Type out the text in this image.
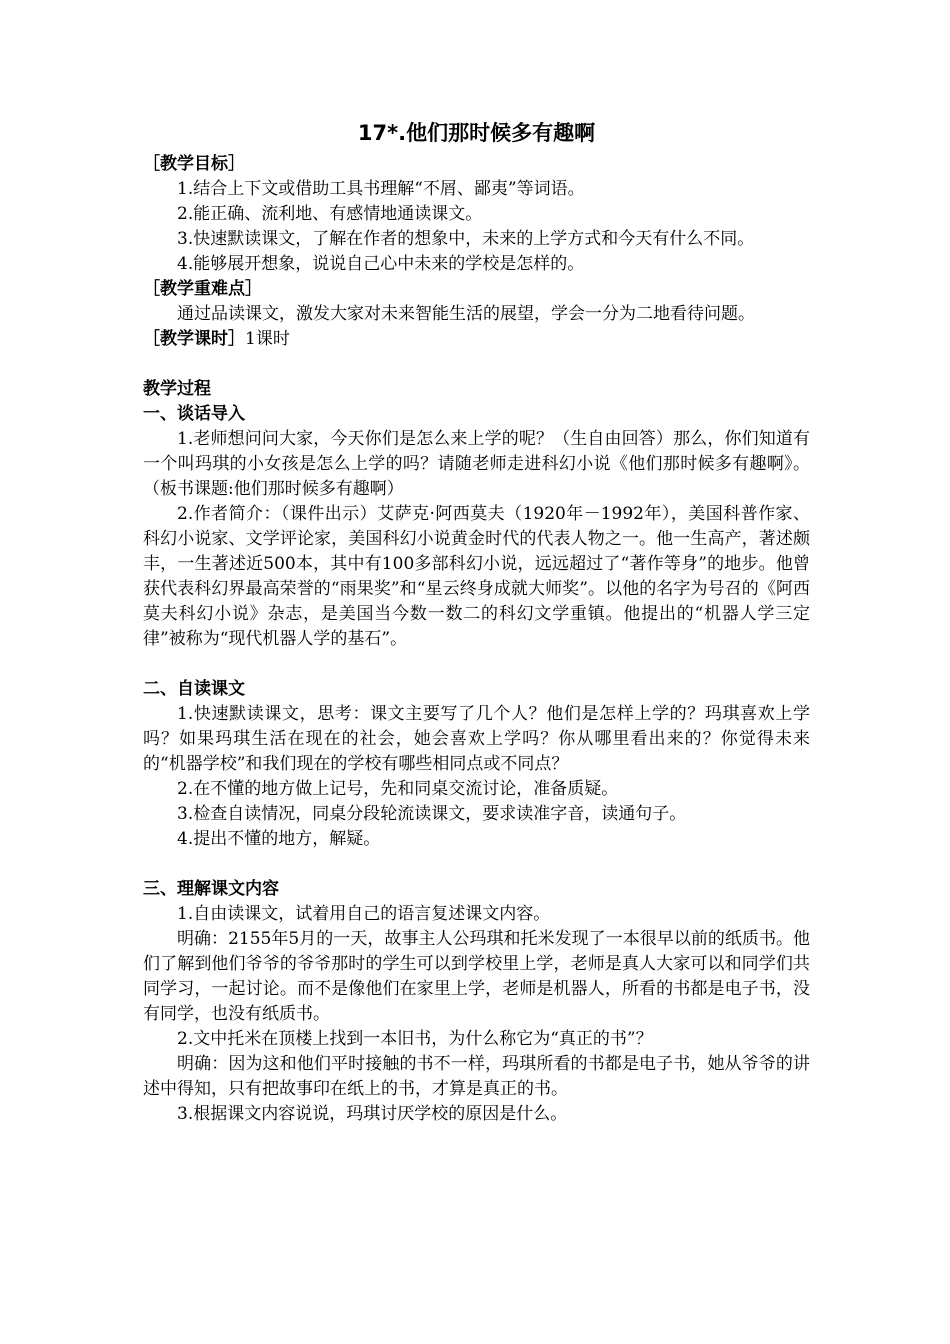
17*.他们那时候多有趣啊

［教学目标］

1.结合上下文或借助工具书理解“不屑、鄙夷”等词语。

2.能正确、流利地、有感情地通读课文。

3.快速默读课文，了解在作者的想象中，未来的上学方式和今天有什么不同。

4.能够展开想象，说说自己心中未来的学校是怎样的。

［教学重难点］

通过品读课文，激发大家对未来智能生活的展望，学会一分为二地看待问题。

［教学课时］1课时

教学过程

一、谈话导入

1.老师想问问大家，今天你们是怎么来上学的呢？（生自由回答）那么，你们知道有一个叫玛琪的小女孩是怎么上学的吗？请随老师走进科幻小说《他们那时候多有趣啊》。（板书课题:他们那时候多有趣啊）

2.作者简介：（课件出示）艾萨克·阿西莫夫（1920年－1992年），美国科普作家、科幻小说家、文学评论家，美国科幻小说黄金时代的代表人物之一。他一生高产，著述颇丰，一生著述近500本，其中有100多部科幻小说，远远超过了“著作等身”的地步。他曾获代表科幻界最高荣誉的“雨果奖”和“星云终身成就大师奖”。以他的名字为号召的《阿西莫夫科幻小说》杂志，是美国当今数一数二的科幻文学重镇。他提出的“机器人学三定律”被称为“现代机器人学的基石”。

二、自读课文

1.快速默读课文，思考：课文主要写了几个人？他们是怎样上学的？玛琪喜欢上学吗？如果玛琪生活在现在的社会，她会喜欢上学吗？你从哪里看出来的？你觉得未来的“机器学校”和我们现在的学校有哪些相同点或不同点？

2.在不懂的地方做上记号，先和同桌交流讨论，准备质疑。

3.检查自读情况，同桌分段轮流读课文，要求读准字音，读通句子。

4.提出不懂的地方，解疑。

三、理解课文内容

1.自由读课文，试着用自己的语言复述课文内容。

明确：2155年5月的一天，故事主人公玛琪和托米发现了一本很早以前的纸质书。他们了解到他们爷爷的爷爷那时的学生可以到学校里上学，老师是真人大家可以和同学们共同学习，一起讨论。而不是像他们在家里上学，老师是机器人，所看的书都是电子书，没有同学，也没有纸质书。

2.文中托米在顶楼上找到一本旧书，为什么称它为“真正的书”？

明确：因为这和他们平时接触的书不一样，玛琪所看的书都是电子书，她从爷爷的讲述中得知，只有把故事印在纸上的书，才算是真正的书。

3.根据课文内容说说，玛琪讨厌学校的原因是什么。
